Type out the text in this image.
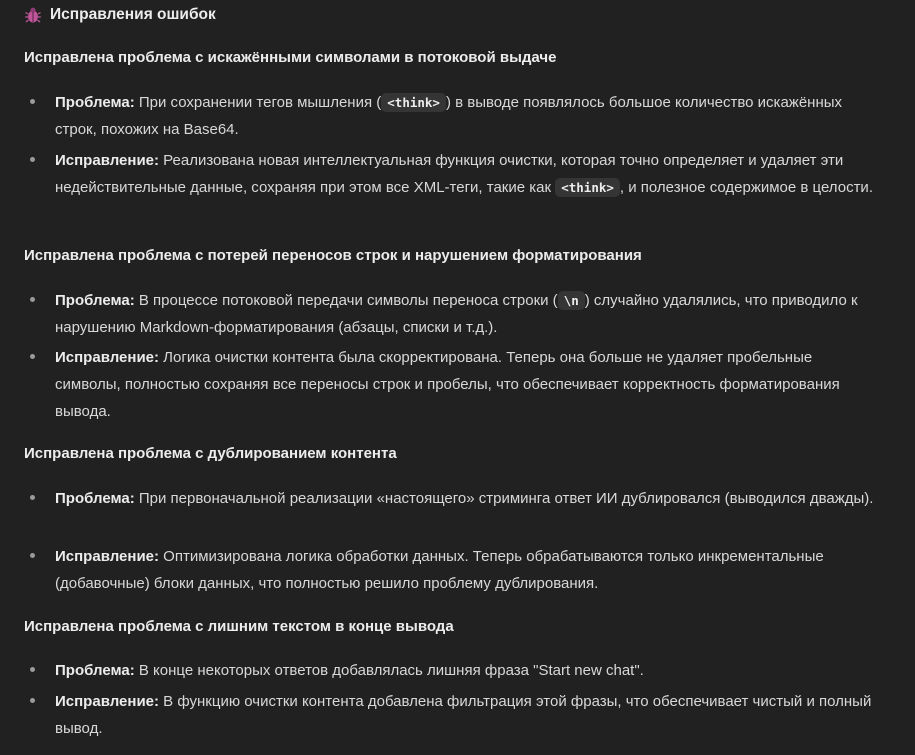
Исправления ошибок
Исправлена проблема с искажёнными символами в потоковой выдаче
Проблема: При сохранении тегов мышления ( <think> ) в выводе появлялось большое количество искажённых строк, похожих на Base64.
Исправление: Реализована новая интеллектуальная функция очистки, которая точно определяет и удаляет эти недействительные данные, сохраняя при этом все XML-теги, такие как <think> , и полезное содержимое в целости.
Исправлена проблема с потерей переносов строк и нарушением форматирования
Проблема: В процессе потоковой передачи символы переноса строки ( \n ) случайно удалялись, что приводило к нарушению Markdown-форматирования (абзацы, списки и т.д.).
Исправление: Логика очистки контента была скорректирована. Теперь она больше не удаляет пробельные символы, полностью сохраняя все переносы строк и пробелы, что обеспечивает корректность форматирования вывода.
Исправлена проблема с дублированием контента
Проблема: При первоначальной реализации «настоящего» стриминга ответ ИИ дублировался (выводился дважды).
Исправление: Оптимизирована логика обработки данных. Теперь обрабатываются только инкрементальные (добавочные) блоки данных, что полностью решило проблему дублирования.
Исправлена проблема с лишним текстом в конце вывода
Проблема: В конце некоторых ответов добавлялась лишняя фраза "Start new chat".
Исправление: В функцию очистки контента добавлена фильтрация этой фразы, что обеспечивает чистый и полный вывод.
